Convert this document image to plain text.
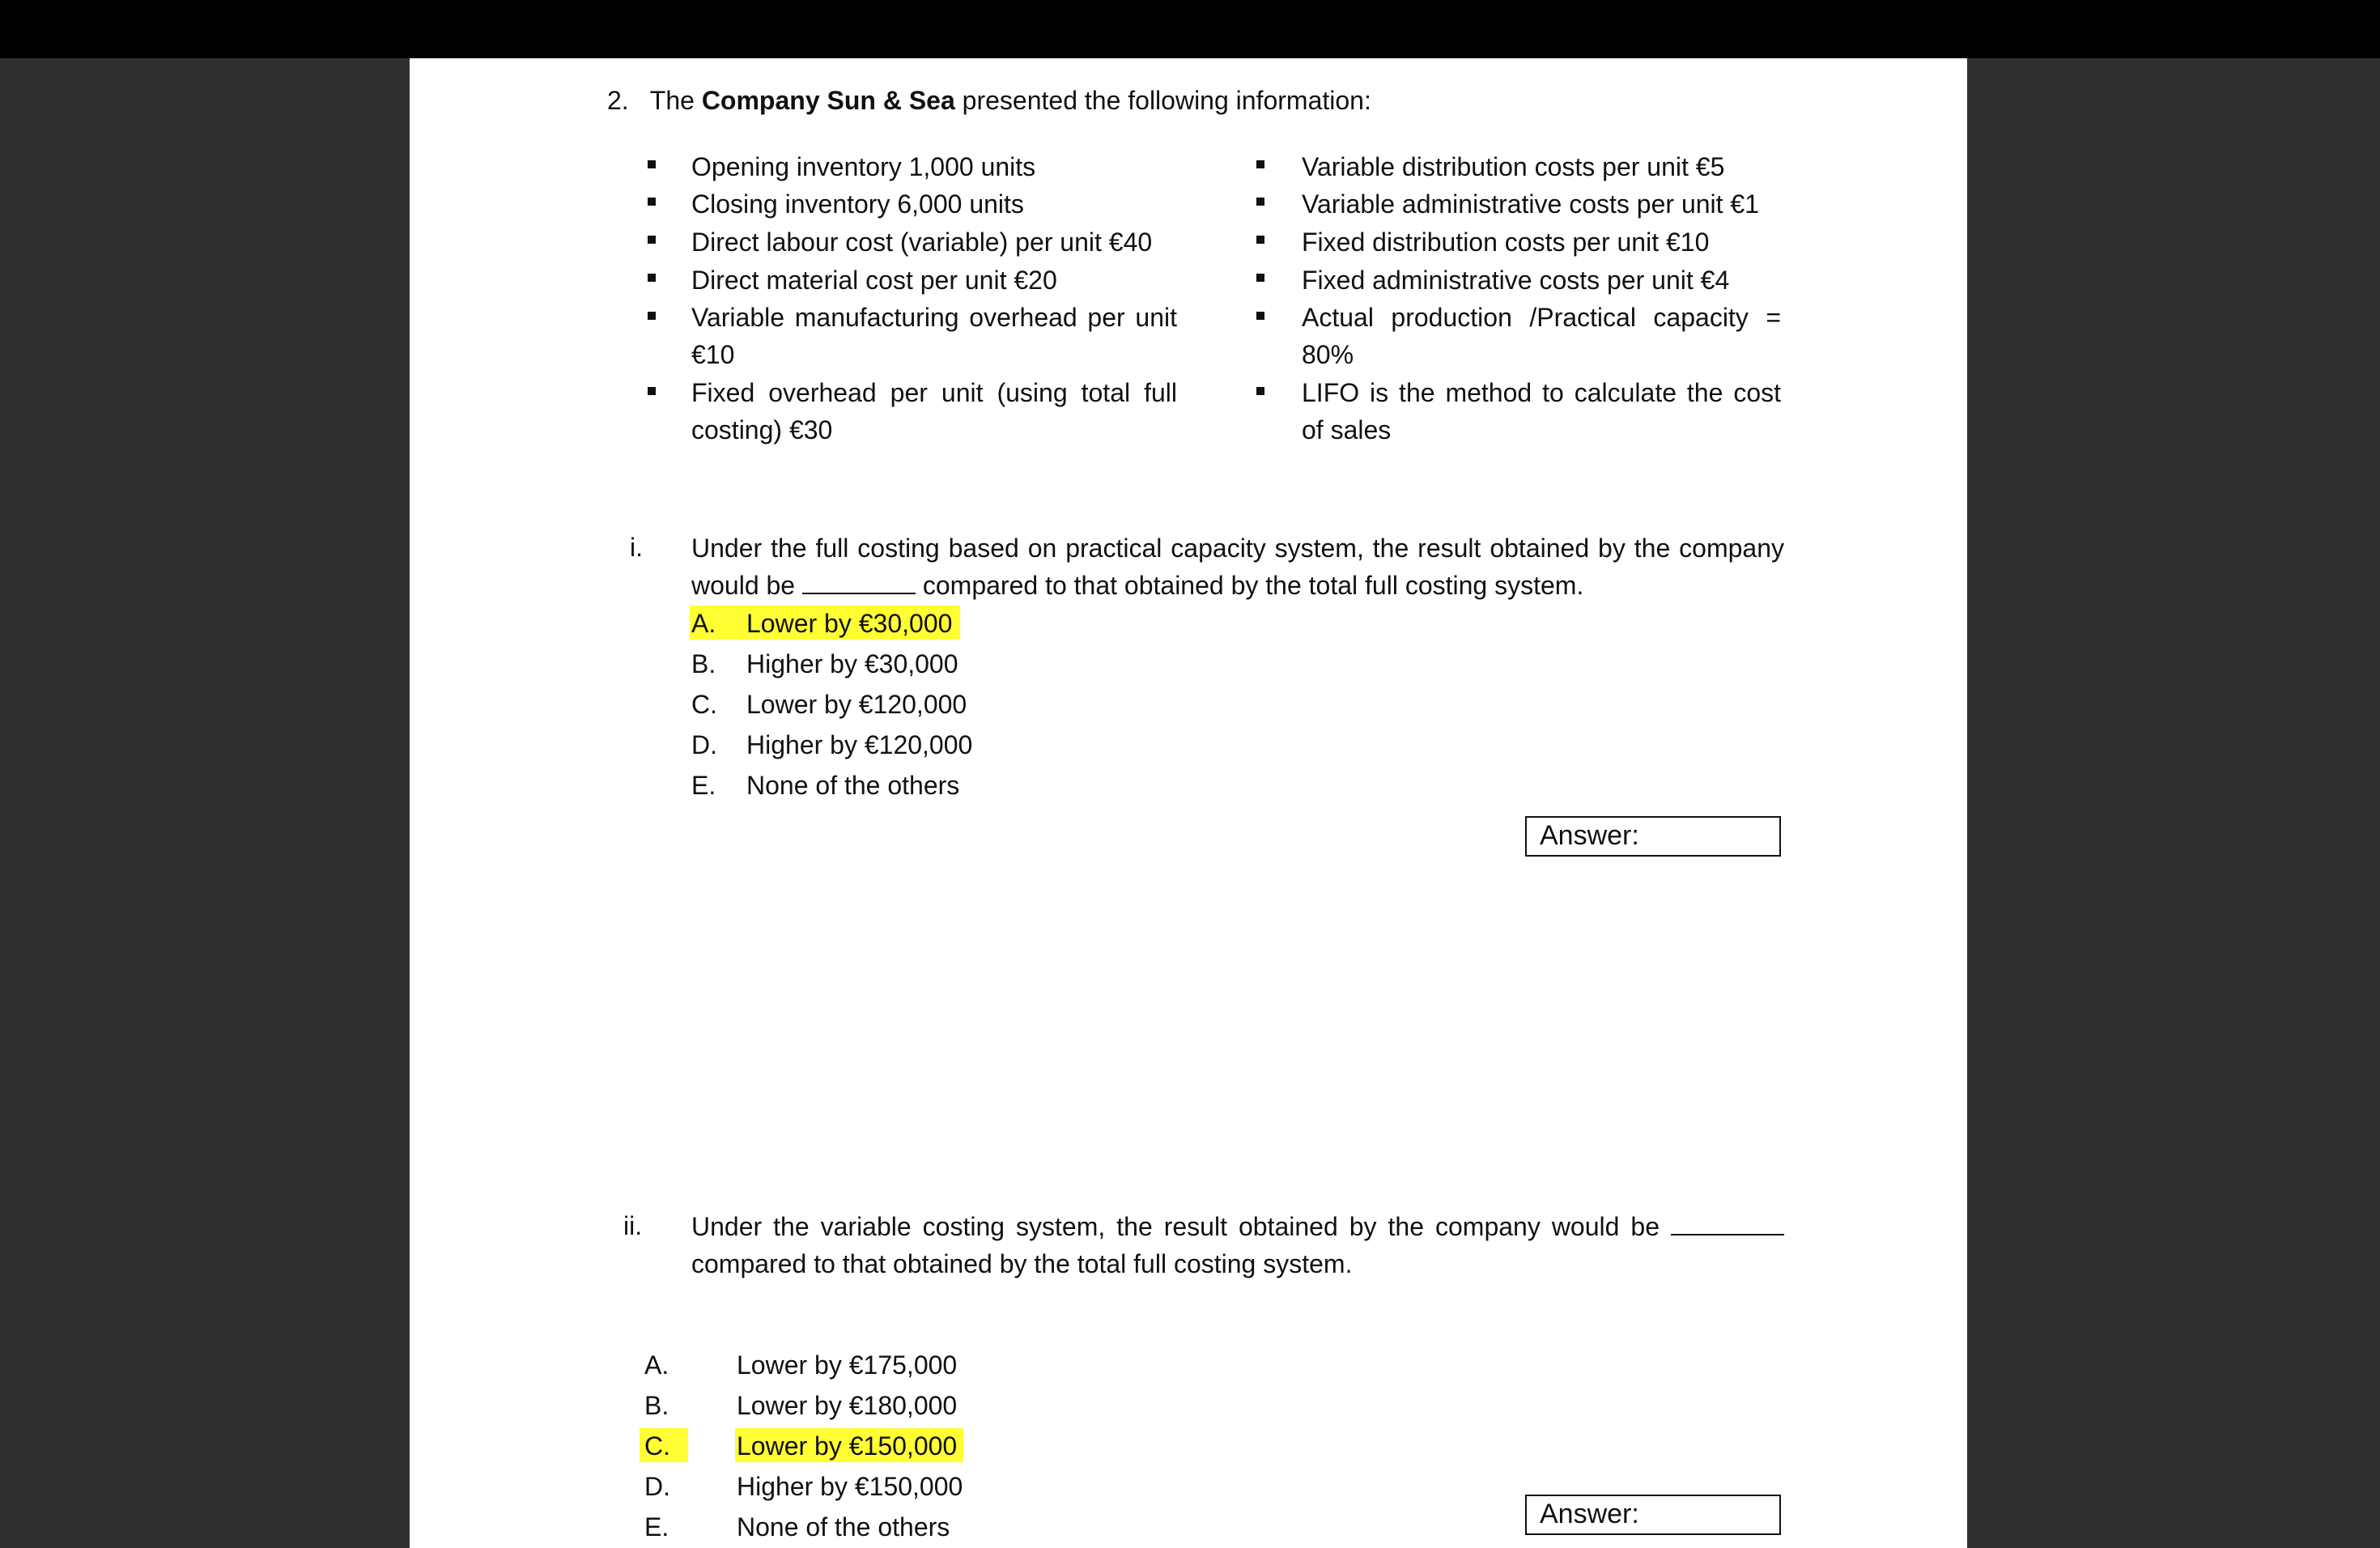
2. The Company Sun & Sea presented the following information:
Opening inventory 1,000 units
Closing inventory 6,000 units
Direct labour cost (variable) per unit €40
Direct material cost per unit €20
Variable manufacturing overhead per unit €10
Fixed overhead per unit (using total full costing) €30
Variable distribution costs per unit €5
Variable administrative costs per unit €1
Fixed distribution costs per unit €10
Fixed administrative costs per unit €4
Actual production /Practical capacity = 80%
LIFO is the method to calculate the cost of sales
i. Under the full costing based on practical capacity system, the result obtained by the company would be	compared to that obtained by the total full costing system.
A. Lower by €30,000
B. Higher by €30,000
C. Lower by €120,000
D. Higher by €120,000
E. None of the others
Answer:
ii. Under the variable costing system, the result obtained by the company would be  compared to that obtained by the total full costing system.
A.	Lower by €175,000
B.	Lower by €180,000
C.	Lower by €150,000
D.	Higher by €150,000
E.	None of the others	Answer:
